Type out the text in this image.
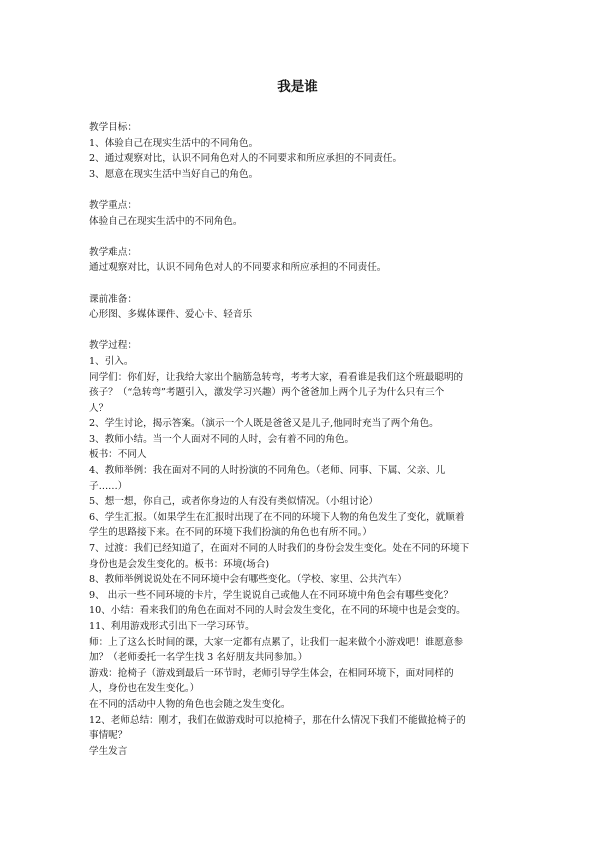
我是谁
教学目标：
1、体验自己在现实生活中的不同角色。
2、通过观察对比，认识不同角色对人的不同要求和所应承担的不同责任。
3、愿意在现实生活中当好自己的角色。
教学重点：
体验自己在现实生活中的不同角色。
教学难点：
通过观察对比，认识不同角色对人的不同要求和所应承担的不同责任。
课前准备：
心形图、多媒体课件、爱心卡、轻音乐
教学过程：
1、引入。
同学们：你们好，让我给大家出个脑筋急转弯，考考大家，看看谁是我们这个班最聪明的
孩子？（“急转弯”考题引入，激发学习兴趣）两个爸爸加上两个儿子为什么只有三个
人？
2、学生讨论，揭示答案。（演示一个人既是爸爸又是儿子,他同时充当了两个角色。
3、教师小结。当一个人面对不同的人时，会有着不同的角色。
板书：不同人
4、教师举例：我在面对不同的人时扮演的不同角色。（老师、同事、下属、父亲、儿
子……）
5、想一想，你自己，或者你身边的人有没有类似情况。（小组讨论）
6、学生汇报。（如果学生在汇报时出现了在不同的环境下人物的角色发生了变化，就顺着
学生的思路接下来。在不同的环境下我们扮演的角色也有所不同。）
7、过渡：我们已经知道了，在面对不同的人时我们的身份会发生变化。处在不同的环境下
身份也是会发生变化的。板书：环境(场合)
8、教师举例说说处在不同环境中会有哪些变化。（学校、家里、公共汽车）
9、 出示一些不同环境的卡片，学生说说自己或他人在不同环境中角色会有哪些变化？
10、小结：看来我们的角色在面对不同的人时会发生变化，在不同的环境中也是会变的。
11、利用游戏形式引出下一学习环节。
师：上了这么长时间的课，大家一定都有点累了，让我们一起来做个小游戏吧！谁愿意参
加？（老师委托一名学生找 3 名好朋友共同参加。）
游戏：抢椅子（游戏到最后一环节时，老师引导学生体会，在相同环境下，面对同样的
人，身份也在发生变化。）
在不同的活动中人物的角色也会随之发生变化。
12、老师总结：刚才，我们在做游戏时可以抢椅子，那在什么情况下我们不能做抢椅子的
事情呢？
学生发言
